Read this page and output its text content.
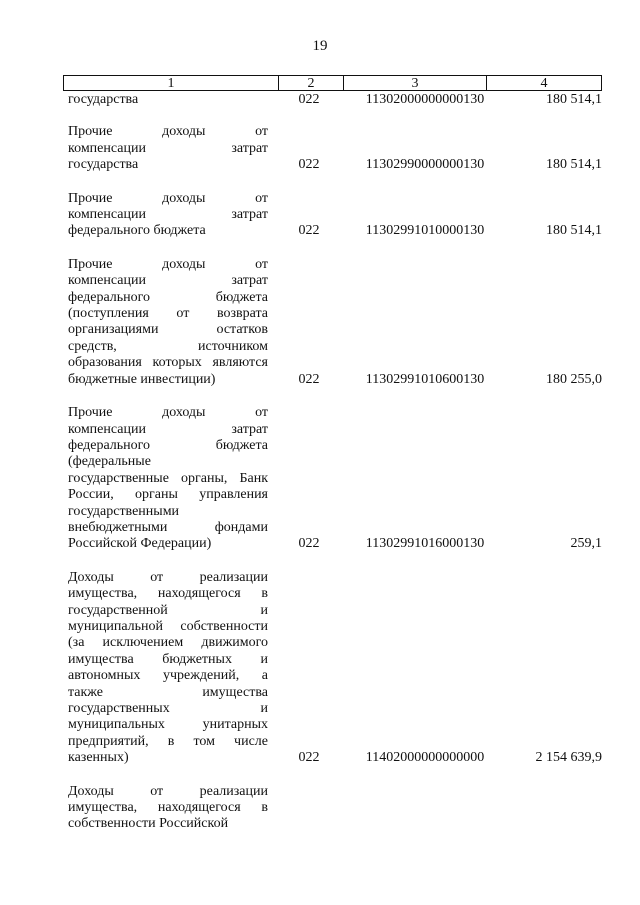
19
1	2	3	4
государства	022	11302000000000130	180 514,1
Прочие доходы от
компенсации затрат
государства	022	11302990000000130	180 514,1
Прочие доходы от
компенсации затрат
федерального бюджета	022	11302991010000130	180 514,1
Прочие доходы от
компенсации затрат
федерального бюджета
(поступления от возврата
организациями остатков
средств, источником
образования которых являются
бюджетные инвестиции)	022	11302991010600130	180 255,0
Прочие доходы от
компенсации затрат
федерального бюджета
(федеральные
государственные органы, Банк
России, органы управления
государственными
внебюджетными фондами
Российской Федерации)	022	11302991016000130	259,1
Доходы от реализации
имущества, находящегося в
государственной и
муниципальной собственности
(за исключением движимого
имущества бюджетных и
автономных учреждений, а
также имущества
государственных и
муниципальных унитарных
предприятий, в том числе
казенных)	022	11402000000000000	2 154 639,9
Доходы от реализации
имущества, находящегося в
собственности Российской
